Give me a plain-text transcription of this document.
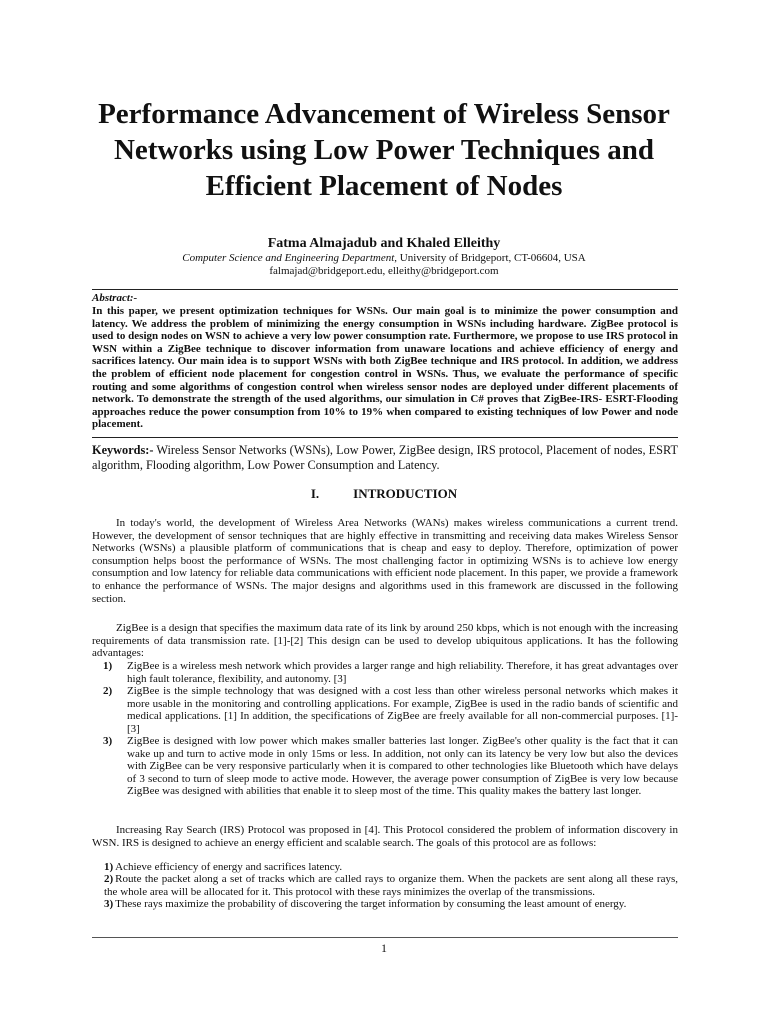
Performance Advancement of Wireless Sensor Networks using Low Power Techniques and Efficient Placement of Nodes
Fatma Almajadub and Khaled Elleithy
Computer Science and Engineering Department, University of Bridgeport, CT-06604, USA
falmajad@bridgeport.edu, elleithy@bridgeport.com
Abstract:-
In this paper, we present optimization techniques for WSNs. Our main goal is to minimize the power consumption and latency. We address the problem of minimizing the energy consumption in WSNs including hardware. ZigBee protocol is used to design nodes on WSN to achieve a very low power consumption rate. Furthermore, we propose to use IRS protocol in WSN within a ZigBee technique to discover information from unaware locations and achieve efficiency of energy and sacrifices latency. Our main idea is to support WSNs with both ZigBee technique and IRS protocol. In addition, we address the problem of efficient node placement for congestion control in WSNs. Thus, we evaluate the performance of specific routing and some algorithms of congestion control when wireless sensor nodes are deployed under different placements of network. To demonstrate the strength of the used algorithms, our simulation in C# proves that ZigBee-IRS- ESRT-Flooding approaches reduce the power consumption from 10% to 19% when compared to existing techniques of low Power and node placement.
Keywords:- Wireless Sensor Networks (WSNs), Low Power, ZigBee design, IRS protocol, Placement of nodes, ESRT algorithm, Flooding algorithm, Low Power Consumption and Latency.
I.	INTRODUCTION

In today's world, the development of Wireless Area Networks (WANs) makes wireless communications a current trend. However, the development of sensor techniques that are highly effective in transmitting and receiving data makes Wireless Sensor Networks (WSNs) a plausible platform of communications that is cheap and easy to deploy. Therefore, optimization of power consumption helps boost the performance of WSNs. The most challenging factor in optimizing WSNs is to achieve low energy consumption and low latency for reliable data communications with efficient node placement. In this paper, we provide a framework to enhance the performance of WSNs. The major designs and algorithms used in this framework are discussed in the following section.

ZigBee is a design that specifies the maximum data rate of its link by around 250 kbps, which is not enough with the increasing requirements of data transmission rate. [1]-[2] This design can be used to develop ubiquitous applications. It has the following advantages:

1) ZigBee is a wireless mesh network which provides a larger range and high reliability. Therefore, it has great advantages over high fault tolerance, flexibility, and autonomy. [3]
2) ZigBee is the simple technology that was designed with a cost less than other wireless personal networks which makes it more usable in the monitoring and controlling applications. For example, ZigBee is used in the radio bands of scientific and medical applications. [1] In addition, the specifications of ZigBee are freely available for all non-commercial purposes. [1]-[3]
3) ZigBee is designed with low power which makes smaller batteries last longer. ZigBee's other quality is the fact that it can wake up and turn to active mode in only 15ms or less. In addition, not only can its latency be very low but also the devices with ZigBee can be very responsive particularly when it is compared to other technologies like Bluetooth which have delays of 3 second to turn of sleep mode to active mode. However, the average power consumption of ZigBee is very low because ZigBee was designed with abilities that enable it to sleep most of the time. This quality makes the battery last longer.

Increasing Ray Search (IRS) Protocol was proposed in [4]. This Protocol considered the problem of information discovery in WSN. IRS is designed to achieve an energy efficient and scalable search. The goals of this protocol are as follows:

1) Achieve efficiency of energy and sacrifices latency.
2) Route the packet along a set of tracks which are called rays to organize them. When the packets are sent along all these rays, the whole area will be allocated for it. This protocol with these rays minimizes the overlap of the transmissions.
3) These rays maximize the probability of discovering the target information by consuming the least amount of energy.
1
